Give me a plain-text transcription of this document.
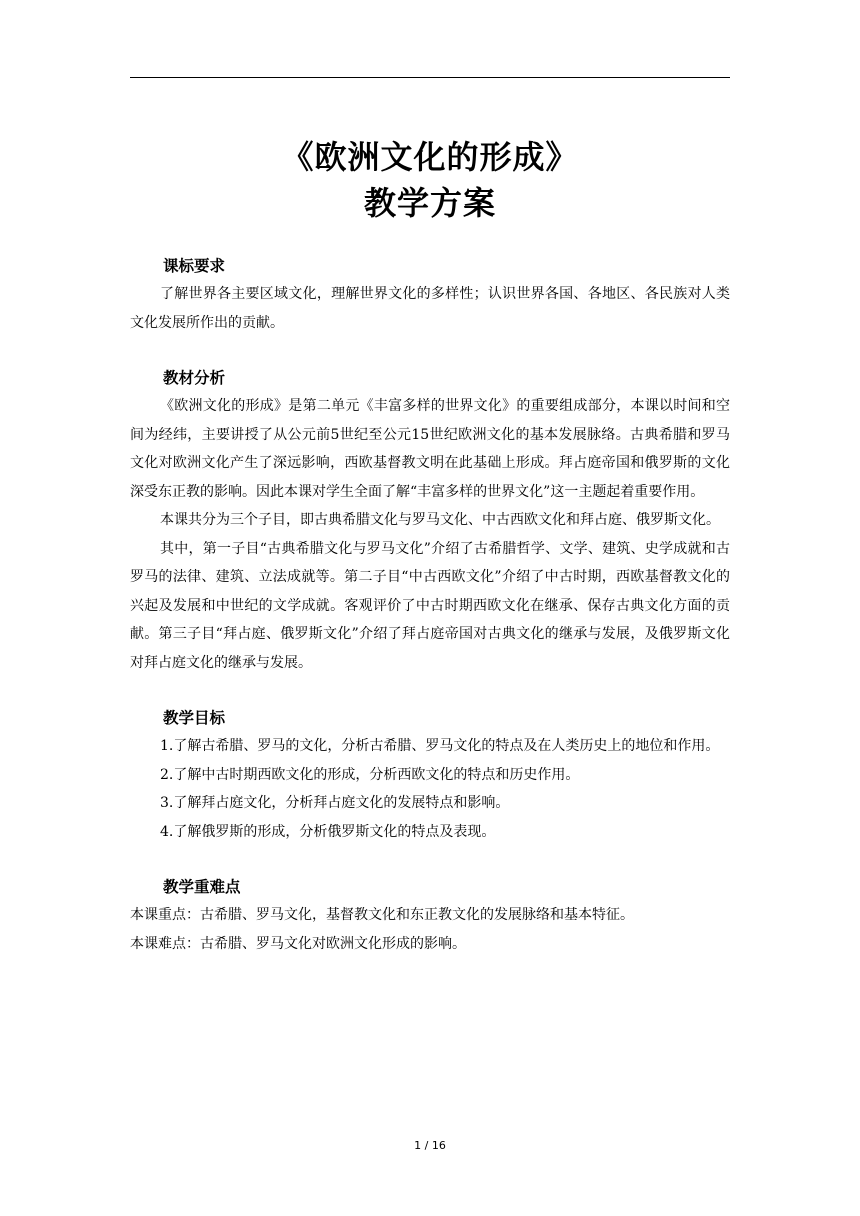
《欧洲文化的形成》
教学方案

课标要求

了解世界各主要区域文化，理解世界文化的多样性；认识世界各国、各地区、各民族对人类文化发展所作出的贡献。

教材分析

《欧洲文化的形成》是第二单元《丰富多样的世界文化》的重要组成部分，本课以时间和空间为经纬，主要讲授了从公元前5世纪至公元15世纪欧洲文化的基本发展脉络。古典希腊和罗马文化对欧洲文化产生了深远影响，西欧基督教文明在此基础上形成。拜占庭帝国和俄罗斯的文化深受东正教的影响。因此本课对学生全面了解“丰富多样的世界文化”这一主题起着重要作用。

本课共分为三个子目，即古典希腊文化与罗马文化、中古西欧文化和拜占庭、俄罗斯文化。

其中，第一子目“古典希腊文化与罗马文化”介绍了古希腊哲学、文学、建筑、史学成就和古罗马的法律、建筑、立法成就等。第二子目“中古西欧文化”介绍了中古时期，西欧基督教文化的兴起及发展和中世纪的文学成就。客观评价了中古时期西欧文化在继承、保存古典文化方面的贡献。第三子目“拜占庭、俄罗斯文化”介绍了拜占庭帝国对古典文化的继承与发展，及俄罗斯文化对拜占庭文化的继承与发展。

教学目标

1.了解古希腊、罗马的文化，分析古希腊、罗马文化的特点及在人类历史上的地位和作用。

2.了解中古时期西欧文化的形成，分析西欧文化的特点和历史作用。

3.了解拜占庭文化，分析拜占庭文化的发展特点和影响。

4.了解俄罗斯的形成，分析俄罗斯文化的特点及表现。

教学重难点

本课重点：古希腊、罗马文化，基督教文化和东正教文化的发展脉络和基本特征。

本课难点：古希腊、罗马文化对欧洲文化形成的影响。

1 / 16
